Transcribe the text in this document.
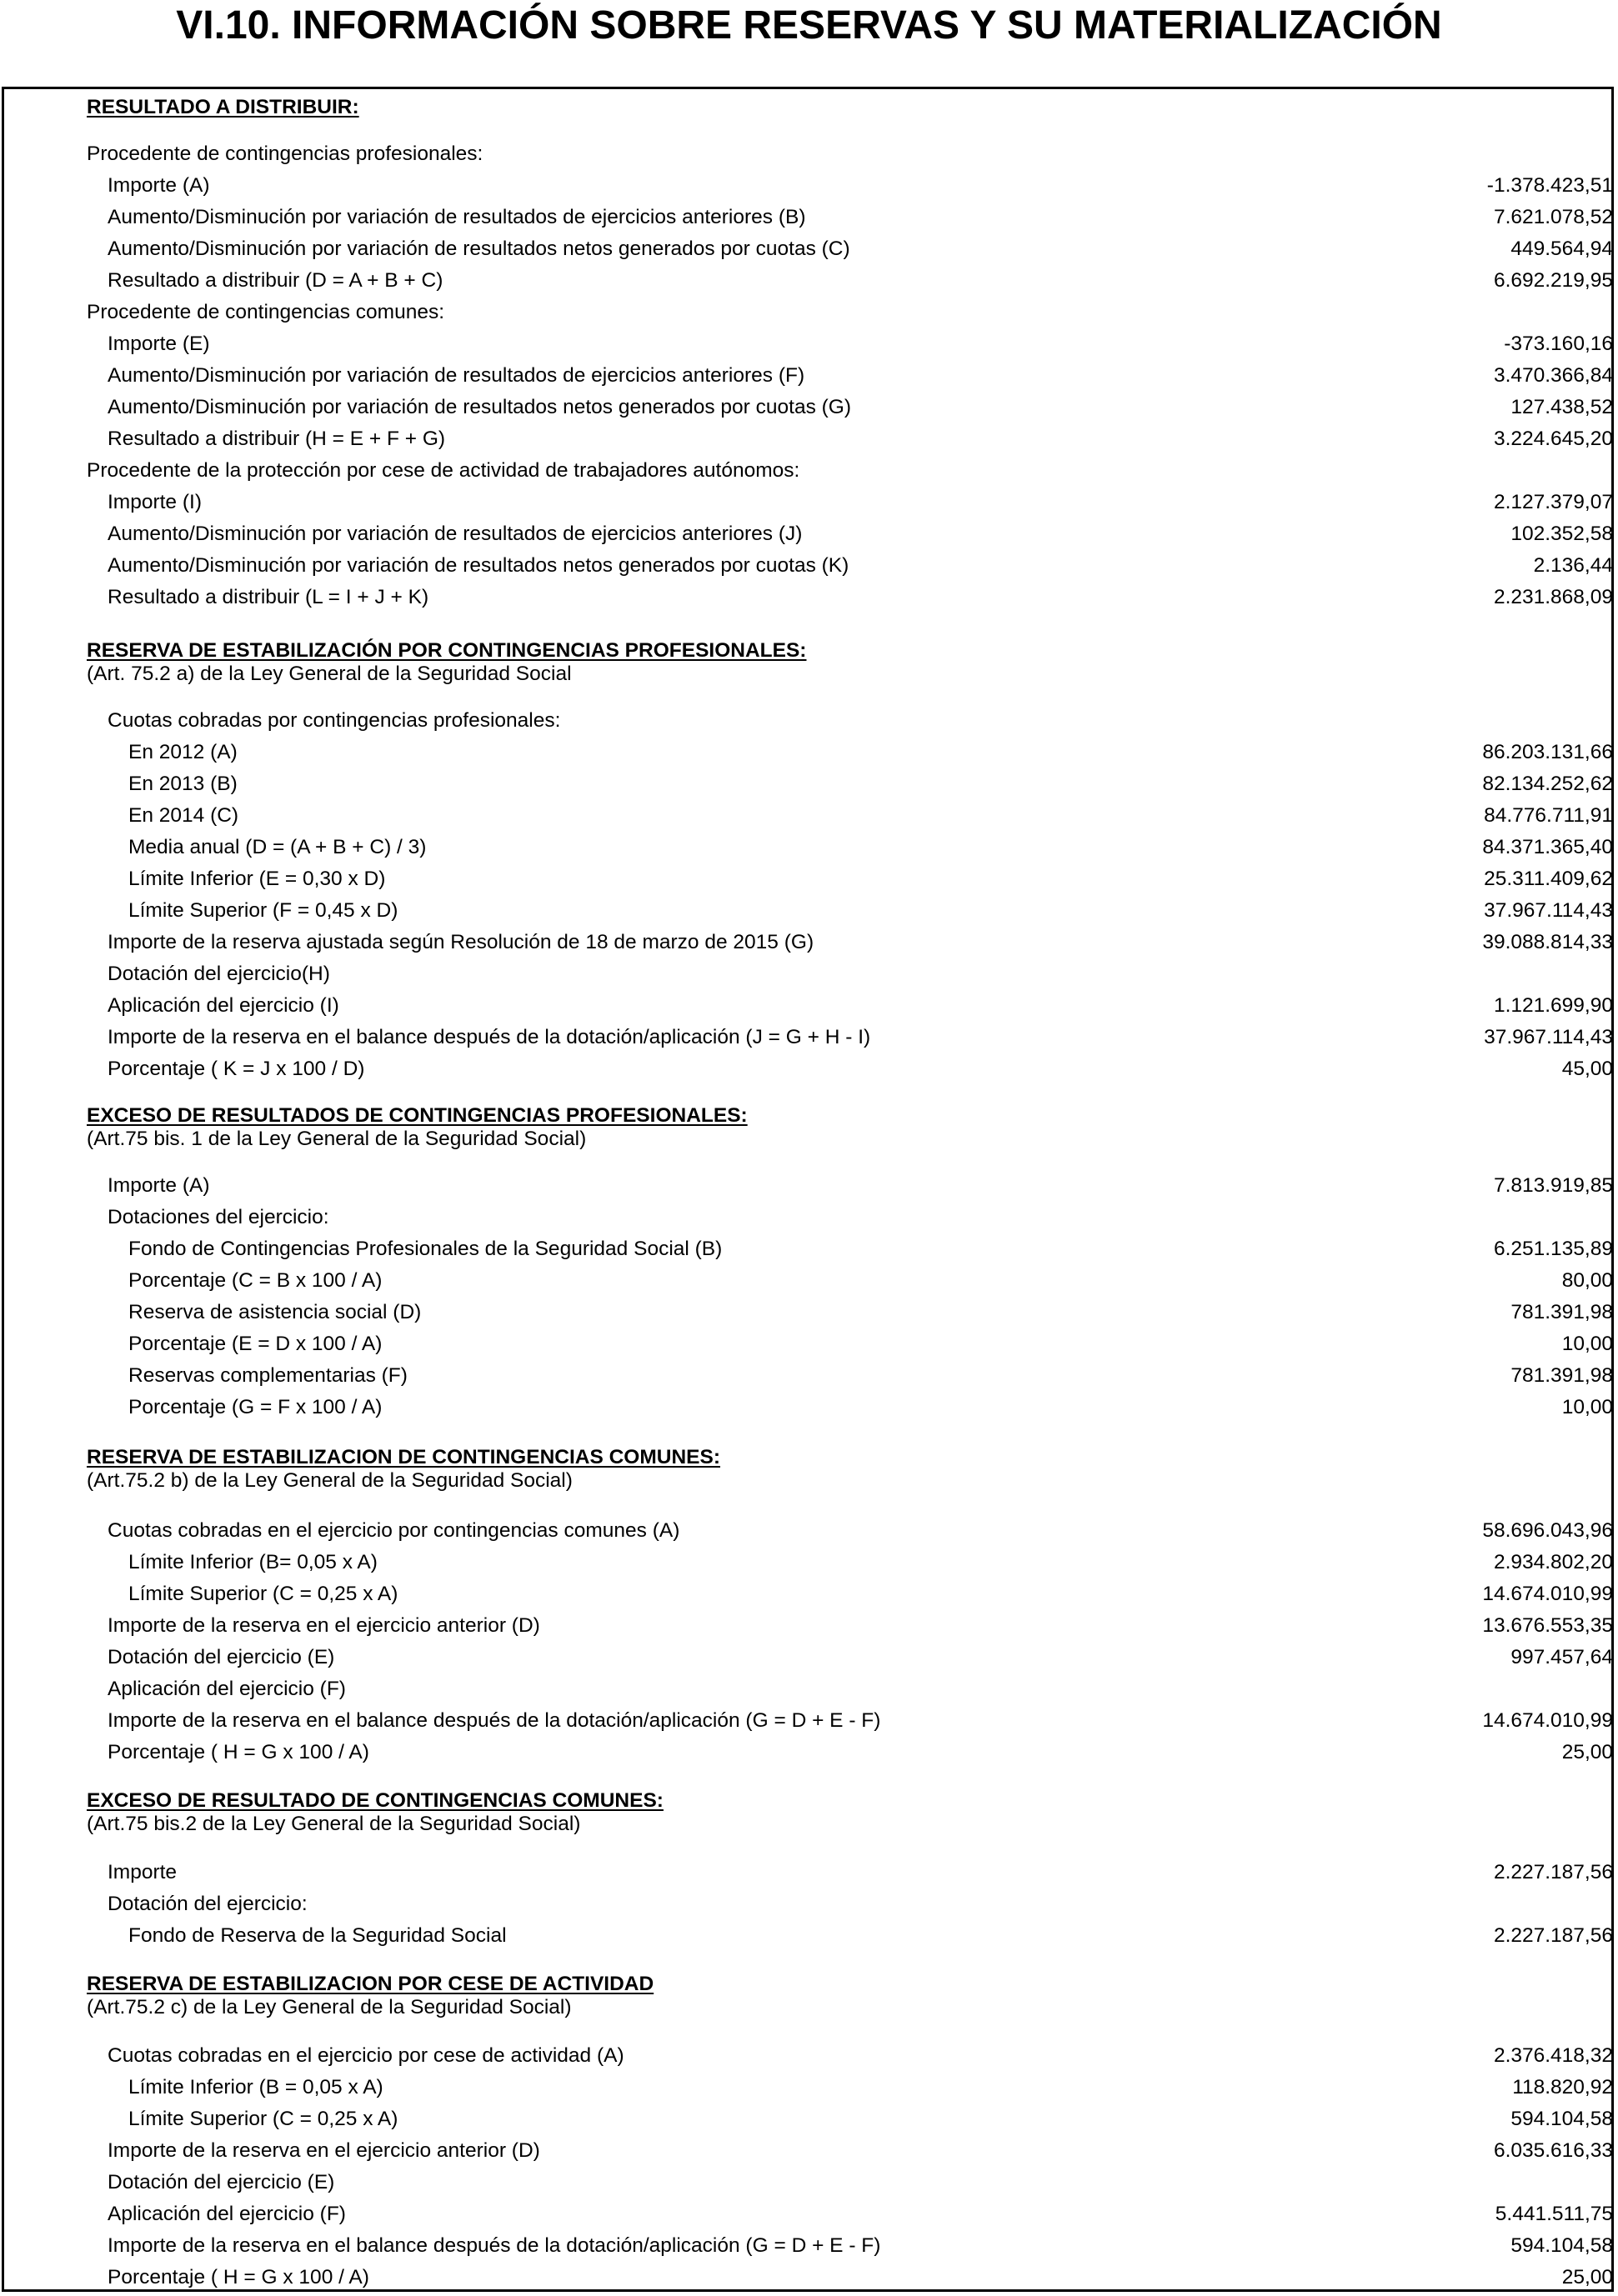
VI.10. INFORMACIÓN SOBRE RESERVAS Y SU MATERIALIZACIÓN
RESULTADO A DISTRIBUIR:
Procedente de contingencias profesionales:
Importe (A)	-1.378.423,51
Aumento/Disminución por variación de resultados de ejercicios anteriores (B)	7.621.078,52
Aumento/Disminución por variación de resultados netos generados por cuotas (C)	449.564,94
Resultado a distribuir (D = A + B + C)	6.692.219,95
Procedente de contingencias comunes:
Importe (E)	-373.160,16
Aumento/Disminución por variación de resultados de ejercicios anteriores (F)	3.470.366,84
Aumento/Disminución por variación de resultados netos generados por cuotas (G)	127.438,52
Resultado a distribuir (H = E + F + G)	3.224.645,20
Procedente de la protección por cese de actividad de trabajadores autónomos:
Importe (I)	2.127.379,07
Aumento/Disminución por variación de resultados de ejercicios anteriores (J)	102.352,58
Aumento/Disminución por variación de resultados netos generados por cuotas (K)	2.136,44
Resultado a distribuir (L = I + J + K)	2.231.868,09
RESERVA DE ESTABILIZACIÓN POR CONTINGENCIAS PROFESIONALES:
(Art. 75.2 a) de la Ley General de la Seguridad Social
Cuotas cobradas por contingencias profesionales:
En 2012 (A)	86.203.131,66
En 2013 (B)	82.134.252,62
En 2014 (C)	84.776.711,91
Media anual (D = (A + B + C) / 3)	84.371.365,40
Límite Inferior (E = 0,30 x D)	25.311.409,62
Límite Superior (F = 0,45 x D)	37.967.114,43
Importe de la reserva ajustada según Resolución de 18 de marzo de 2015 (G)	39.088.814,33
Dotación del ejercicio(H)
Aplicación del ejercicio (I)	1.121.699,90
Importe de la reserva en el balance después de la dotación/aplicación (J = G + H - I)	37.967.114,43
Porcentaje ( K = J x 100 / D)	45,00
EXCESO DE RESULTADOS DE CONTINGENCIAS PROFESIONALES:
(Art.75 bis. 1 de la Ley General de la Seguridad Social)
Importe (A)	7.813.919,85
Dotaciones del ejercicio:
Fondo de Contingencias Profesionales de la Seguridad Social (B)	6.251.135,89
Porcentaje (C = B x 100 / A)	80,00
Reserva de asistencia social (D)	781.391,98
Porcentaje (E = D x 100 / A)	10,00
Reservas complementarias (F)	781.391,98
Porcentaje (G = F x 100 / A)	10,00
RESERVA DE ESTABILIZACION DE CONTINGENCIAS COMUNES:
(Art.75.2 b) de la Ley General de la Seguridad Social)
Cuotas cobradas en el ejercicio por contingencias comunes (A)	58.696.043,96
Límite Inferior (B= 0,05 x A)	2.934.802,20
Límite Superior (C = 0,25 x A)	14.674.010,99
Importe de la reserva en el ejercicio anterior (D)	13.676.553,35
Dotación del ejercicio (E)	997.457,64
Aplicación del ejercicio (F)
Importe de la reserva en el balance después de la dotación/aplicación (G = D + E - F)	14.674.010,99
Porcentaje ( H = G x 100 / A)	25,00
EXCESO DE RESULTADO DE CONTINGENCIAS COMUNES:
(Art.75 bis.2 de la Ley General de la Seguridad Social)
Importe	2.227.187,56
Dotación del ejercicio:
Fondo de Reserva de la Seguridad Social	2.227.187,56
RESERVA DE ESTABILIZACION POR CESE DE ACTIVIDAD
(Art.75.2 c) de la Ley General de la Seguridad Social)
Cuotas cobradas en el ejercicio por cese de actividad (A)	2.376.418,32
Límite Inferior (B = 0,05 x A)	118.820,92
Límite Superior (C = 0,25 x A)	594.104,58
Importe de la reserva en el ejercicio anterior (D)	6.035.616,33
Dotación del ejercicio (E)
Aplicación del ejercicio (F)	5.441.511,75
Importe de la reserva en el balance después de la dotación/aplicación (G = D + E - F)	594.104,58
Porcentaje ( H = G x 100 / A)	25,00
